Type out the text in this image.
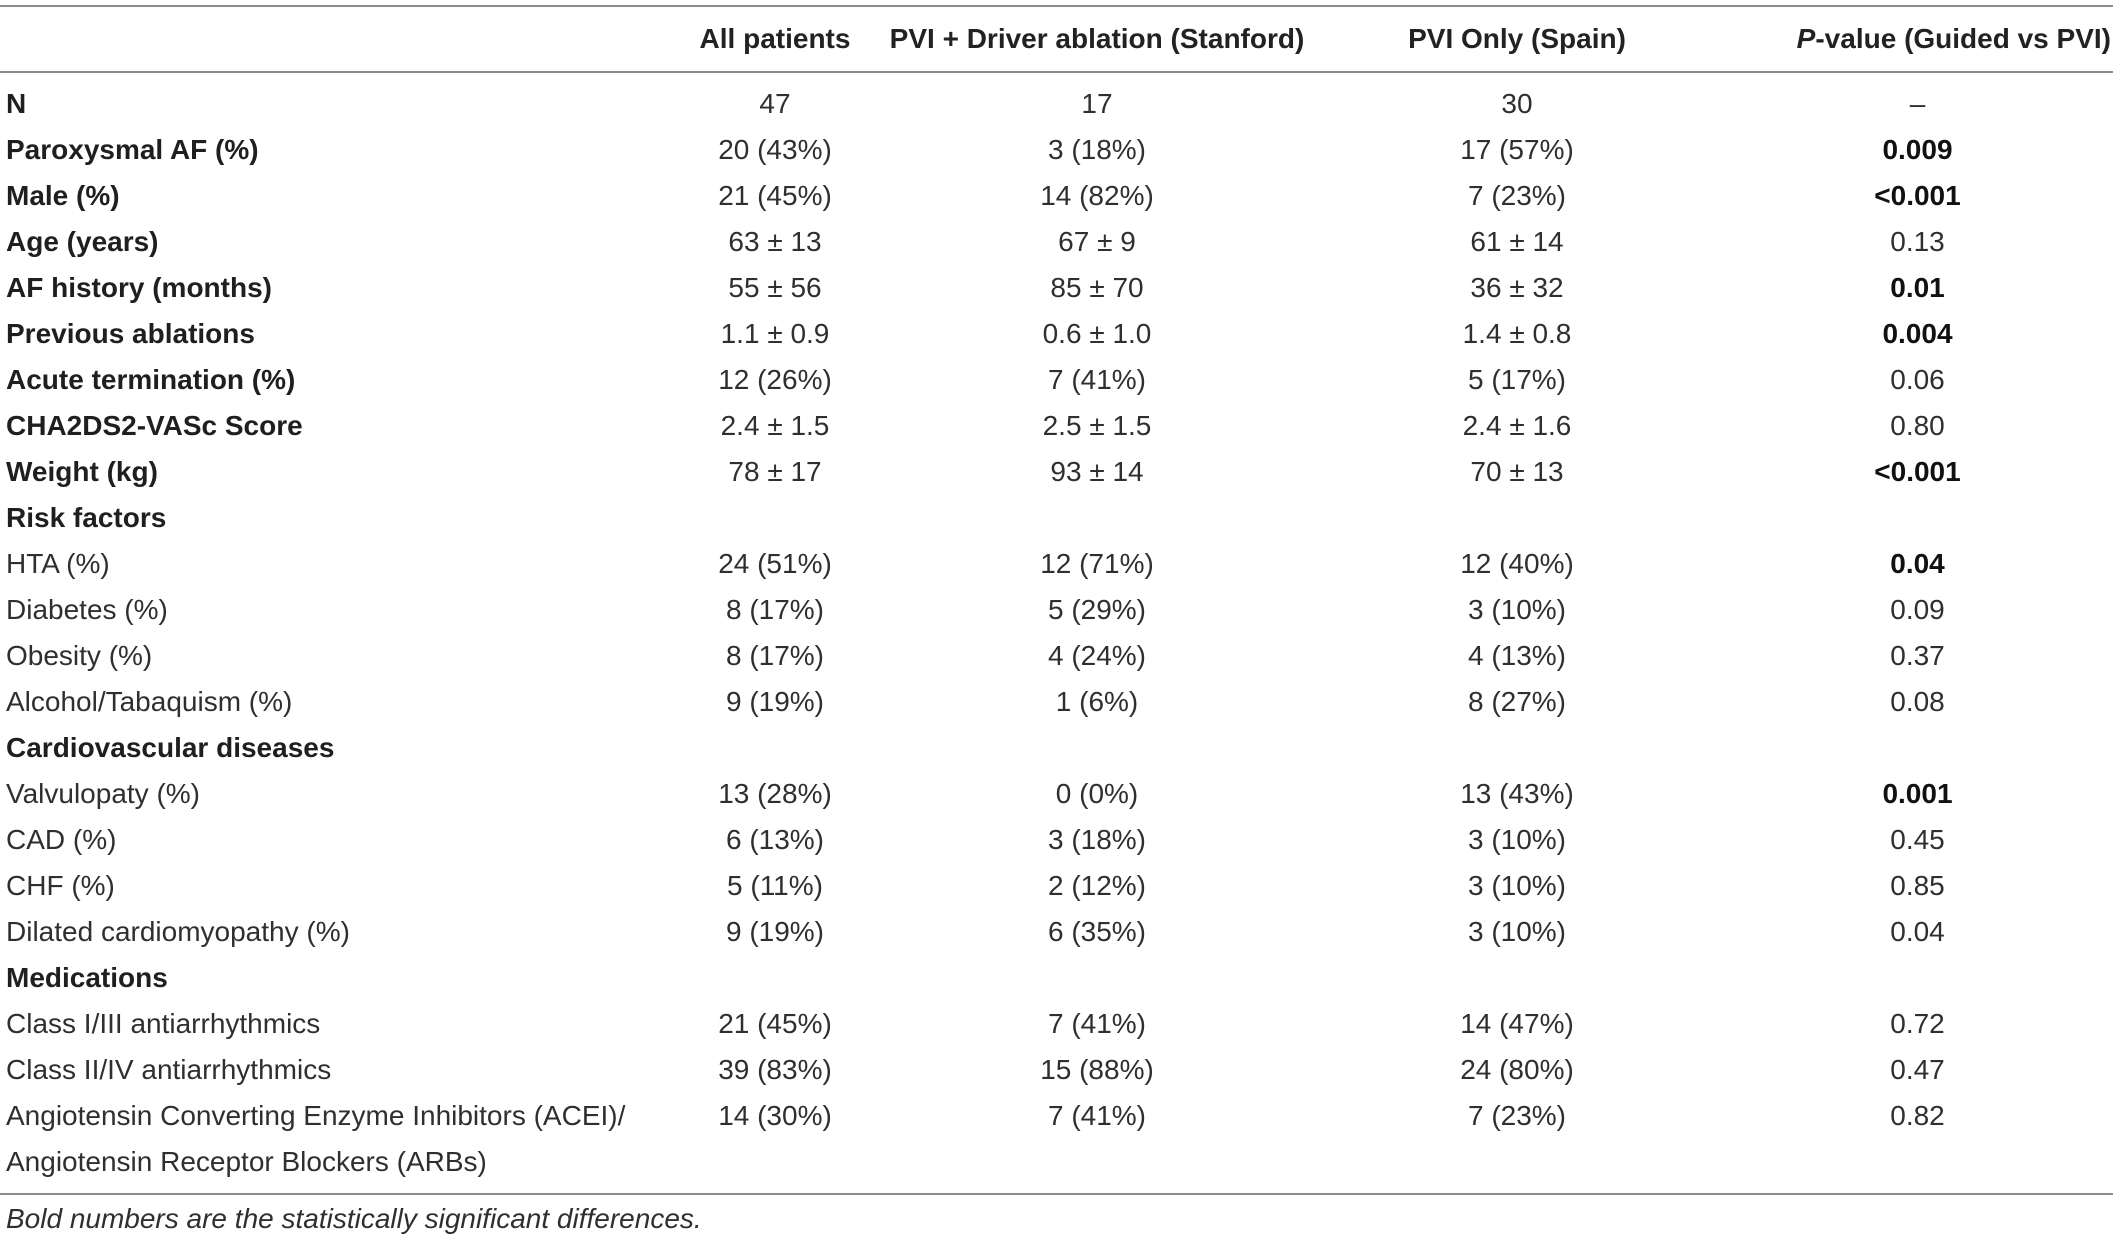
	All patients	PVI + Driver ablation (Stanford)	PVI Only (Spain)	P-value (Guided vs PVI)
N	47	17	30	–
Paroxysmal AF (%)	20 (43%)	3 (18%)	17 (57%)	0.009
Male (%)	21 (45%)	14 (82%)	7 (23%)	<0.001
Age (years)	63 ± 13	67 ± 9	61 ± 14	0.13
AF history (months)	55 ± 56	85 ± 70	36 ± 32	0.01
Previous ablations	1.1 ± 0.9	0.6 ± 1.0	1.4 ± 0.8	0.004
Acute termination (%)	12 (26%)	7 (41%)	5 (17%)	0.06
CHA2DS2-VASc Score	2.4 ± 1.5	2.5 ± 1.5	2.4 ± 1.6	0.80
Weight (kg)	78 ± 17	93 ± 14	70 ± 13	<0.001
Risk factors				
HTA (%)	24 (51%)	12 (71%)	12 (40%)	0.04
Diabetes (%)	8 (17%)	5 (29%)	3 (10%)	0.09
Obesity (%)	8 (17%)	4 (24%)	4 (13%)	0.37
Alcohol/Tabaquism (%)	9 (19%)	1 (6%)	8 (27%)	0.08
Cardiovascular diseases				
Valvulopaty (%)	13 (28%)	0 (0%)	13 (43%)	0.001
CAD (%)	6 (13%)	3 (18%)	3 (10%)	0.45
CHF (%)	5 (11%)	2 (12%)	3 (10%)	0.85
Dilated cardiomyopathy (%)	9 (19%)	6 (35%)	3 (10%)	0.04
Medications				
Class I/III antiarrhythmics	21 (45%)	7 (41%)	14 (47%)	0.72
Class II/IV antiarrhythmics	39 (83%)	15 (88%)	24 (80%)	0.47
Angiotensin Converting Enzyme Inhibitors (ACEI)/ Angiotensin Receptor Blockers (ARBs)	14 (30%)	7 (41%)	7 (23%)	0.82
Bold numbers are the statistically significant differences.
